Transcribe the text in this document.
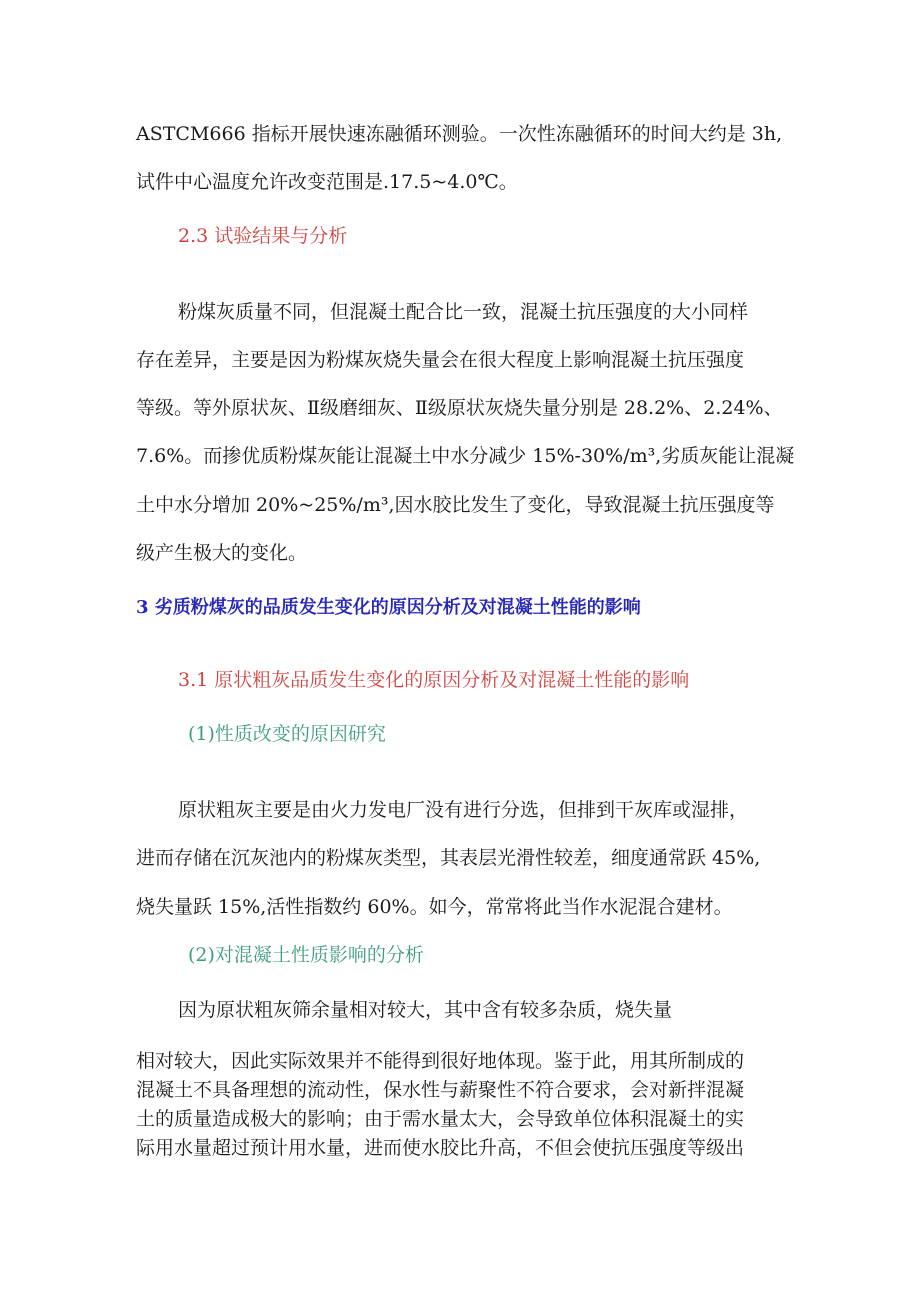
ASTCM666 指标开展快速冻融循环测验。一次性冻融循环的时间大约是 3h,
试件中心温度允许改变范围是.17.5~4.0℃。
2.3 试验结果与分析
粉煤灰质量不同，但混凝土配合比一致，混凝土抗压强度的大小同样
存在差异，主要是因为粉煤灰烧失量会在很大程度上影响混凝土抗压强度
等级。等外原状灰、Ⅱ级磨细灰、Ⅱ级原状灰烧失量分别是 28.2%、2.24%、
7.6%。而掺优质粉煤灰能让混凝土中水分减少 15%-30%/m³,劣质灰能让混凝
土中水分增加 20%~25%/m³,因水胶比发生了变化，导致混凝土抗压强度等
级产生极大的变化。
3 劣质粉煤灰的品质发生变化的原因分析及对混凝土性能的影响
3.1 原状粗灰品质发生变化的原因分析及对混凝土性能的影响
(1)性质改变的原因研究
原状粗灰主要是由火力发电厂没有进行分选，但排到干灰库或湿排，
进而存储在沉灰池内的粉煤灰类型，其表层光滑性较差，细度通常跃 45%,
烧失量跃 15%,活性指数约 60%。如今，常常将此当作水泥混合建材。
(2)对混凝土性质影响的分析
因为原状粗灰筛余量相对较大，其中含有较多杂质，烧失量
相对较大，因此实际效果并不能得到很好地体现。鉴于此，用其所制成的
混凝土不具备理想的流动性，保水性与薪聚性不符合要求，会对新拌混凝
土的质量造成极大的影响；由于需水量太大，会导致单位体积混凝土的实
际用水量超过预计用水量，进而使水胶比升高，不但会使抗压强度等级出
